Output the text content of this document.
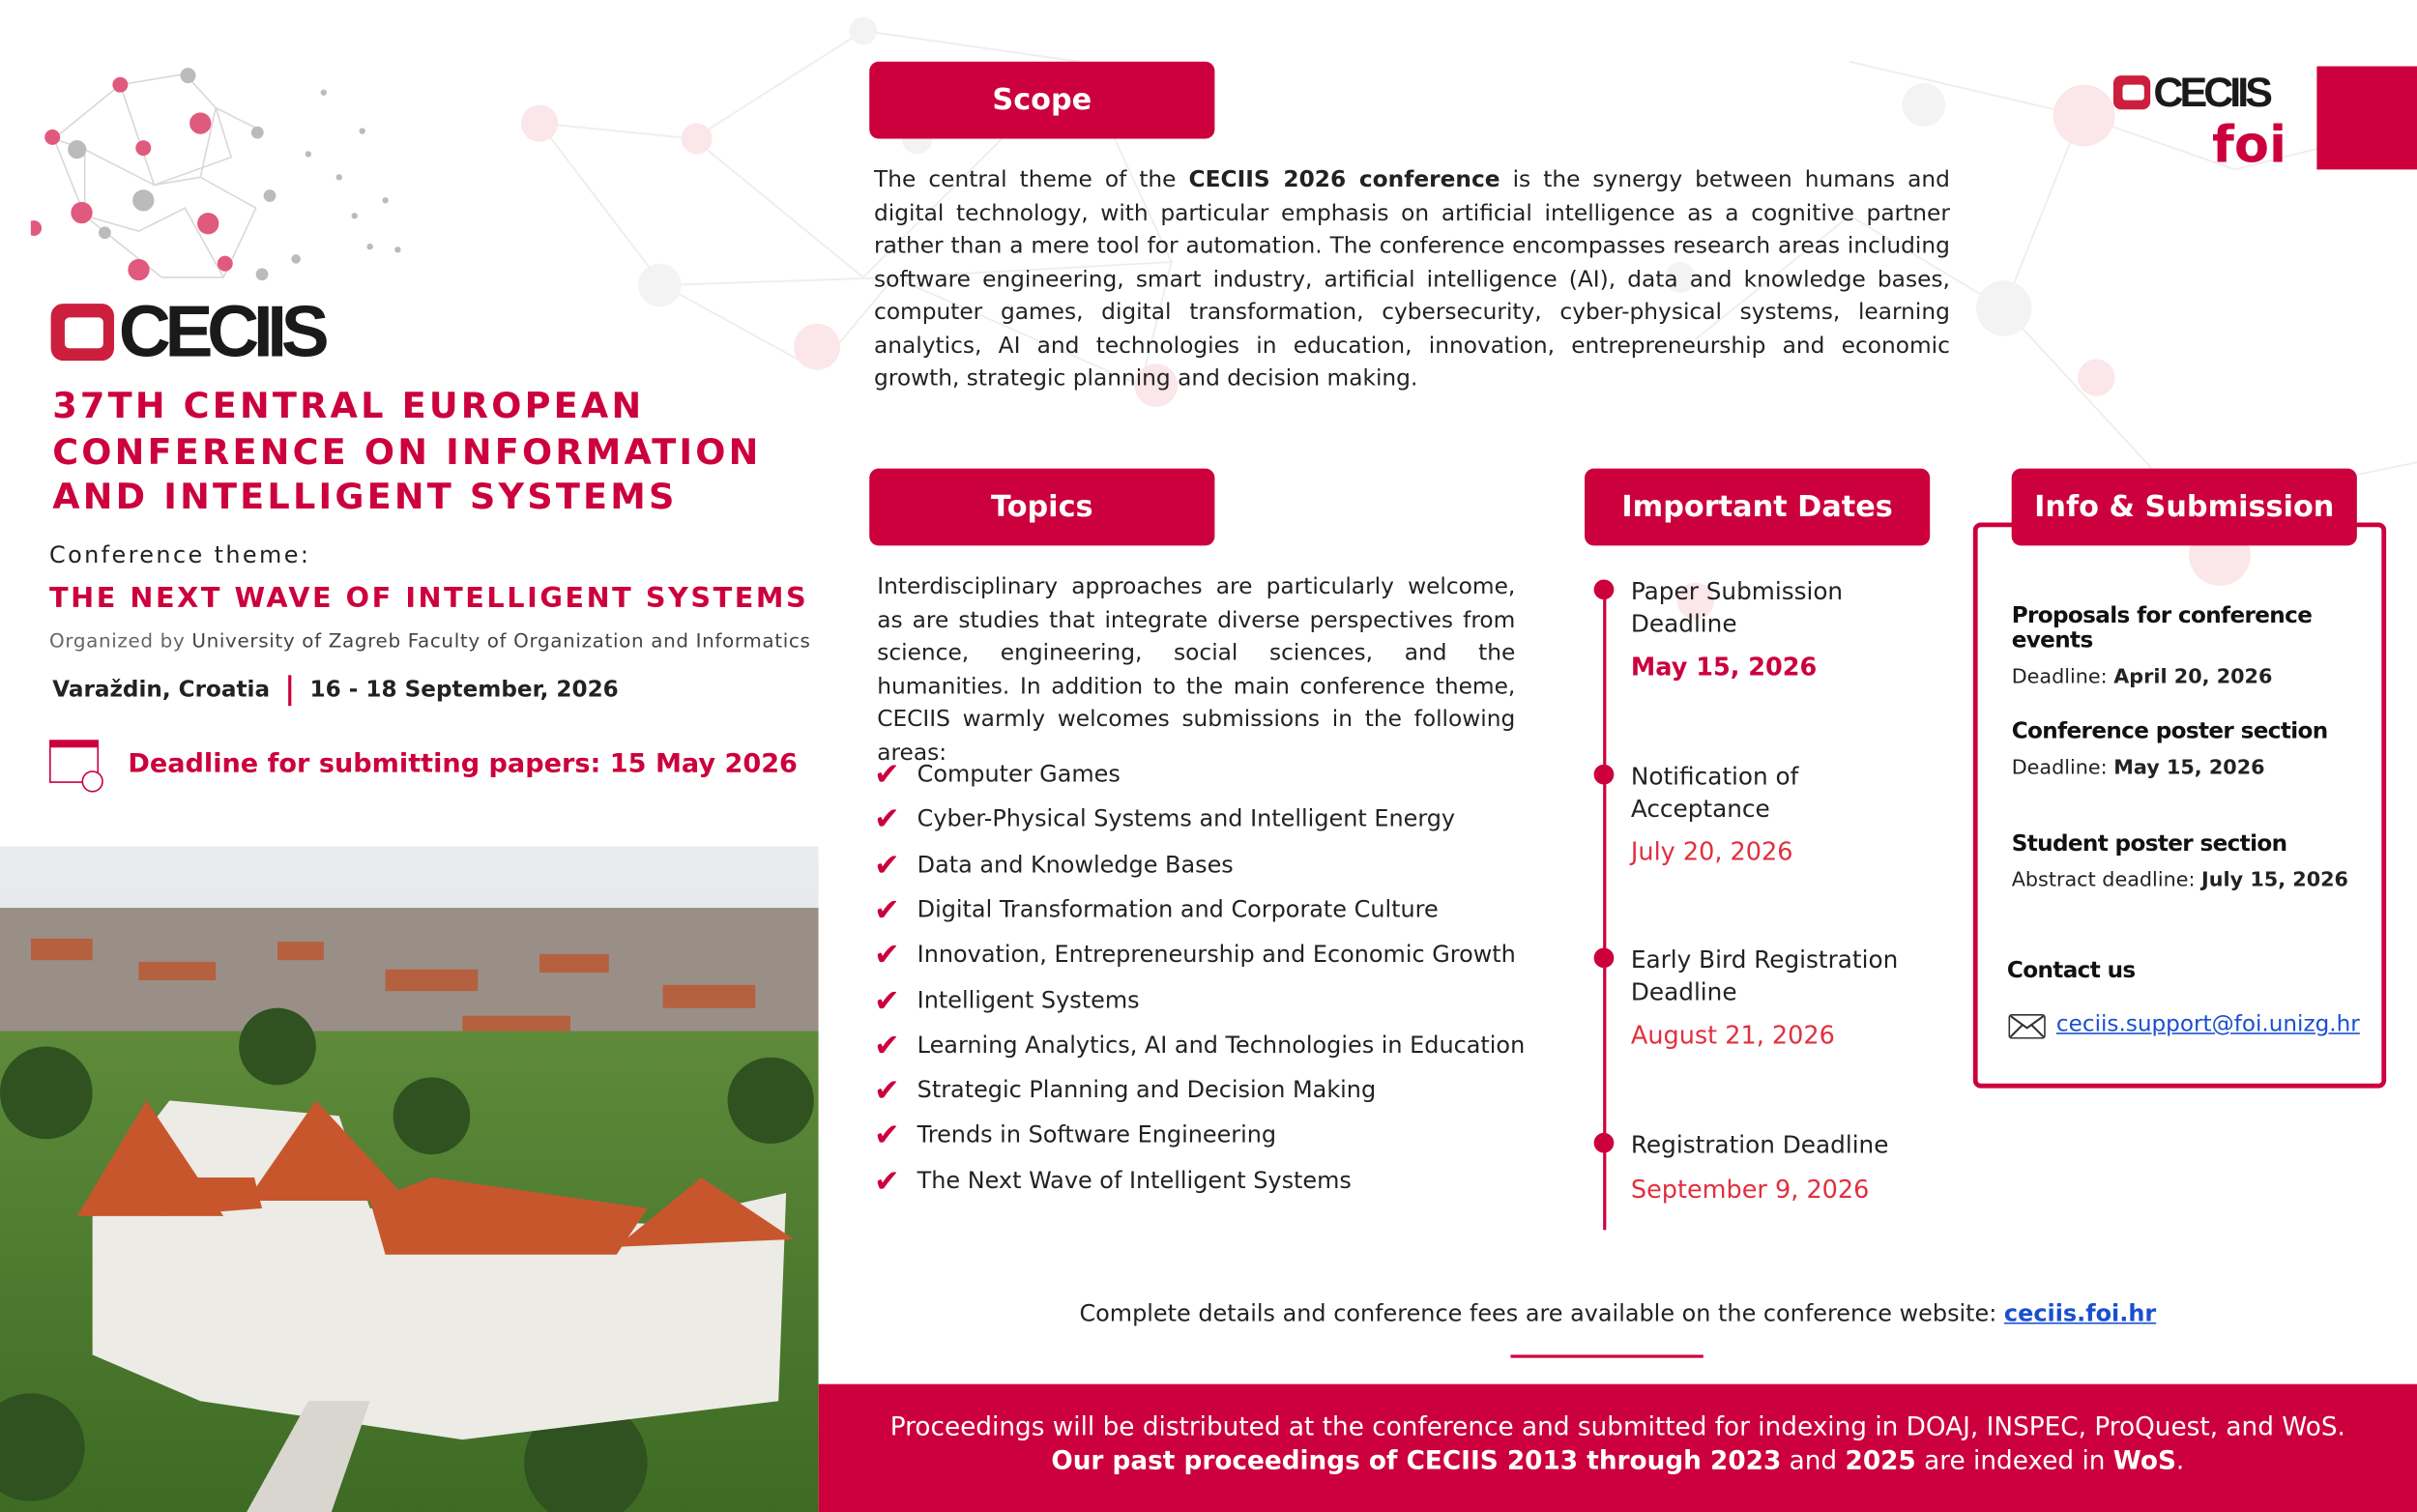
CECIIS
37TH CENTRAL EUROPEAN
CONFERENCE ON INFORMATION
AND INTELLIGENT SYSTEMS
Conference theme:
THE NEXT WAVE OF INTELLIGENT SYSTEMS
Organized by University of Zagreb Faculty of Organization and Informatics
Varaždin, Croatia	16 - 18 September, 2026
Deadline for submitting papers: 15 May 2026
Scope
The central theme of the CECIIS 2026 conference is the synergy between humans and digital technology, with particular emphasis on artificial intelligence as a cognitive partner rather than a mere tool for automation. The conference encompasses research areas including software engineering, smart industry, artificial intelligence (AI), data and knowledge bases, computer games, digital transformation, cybersecurity, cyber-physical systems, learning analytics, AI and technologies in education, innovation, entrepreneurship and economic growth, strategic planning and decision making.
CECIIS
foi
Topics
Interdisciplinary approaches are particularly welcome, as are studies that integrate diverse perspectives from science, engineering, social sciences, and the humanities. In addition to the main conference theme, CECIIS warmly welcomes submissions in the following areas:
✔ Computer Games
✔ Cyber-Physical Systems and Intelligent Energy
✔ Data and Knowledge Bases
✔ Digital Transformation and Corporate Culture
✔ Innovation, Entrepreneurship and Economic Growth
✔ Intelligent Systems
✔ Learning Analytics, AI and Technologies in Education
✔ Strategic Planning and Decision Making
✔ Trends in Software Engineering
✔ The Next Wave of Intelligent Systems
Important Dates
Paper Submission Deadline
May 15, 2026
Notification of Acceptance
July 20, 2026
Early Bird Registration Deadline
August 21, 2026
Registration Deadline
September 9, 2026
Info & Submission
Proposals for conference events
Deadline: April 20, 2026
Conference poster section
Deadline: May 15, 2026
Student poster section
Abstract deadline: July 15, 2026
Contact us
ceciis.support@foi.unizg.hr
Complete details and conference fees are available on the conference website: ceciis.foi.hr
Proceedings will be distributed at the conference and submitted for indexing in DOAJ, INSPEC, ProQuest, and WoS.
Our past proceedings of CECIIS 2013 through 2023 and 2025 are indexed in WoS.
